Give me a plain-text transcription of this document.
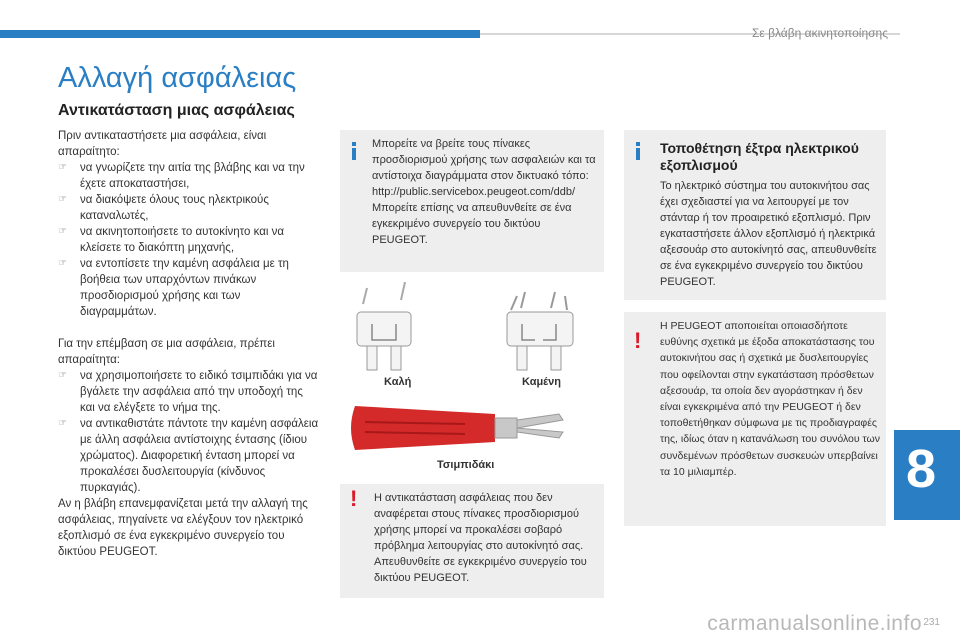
Σε βλάβη ακινητοποίησης
8
Αλλαγή ασφάλειας
Αντικατάσταση μιας ασφάλειας

Πριν αντικαταστήσετε μια ασφάλεια, είναι απαραίτητο:

☞ να γνωρίζετε την αιτία της βλάβης και να την έχετε αποκαταστήσει,
☞ να διακόψετε όλους τους ηλεκτρικούς καταναλωτές,
☞ να ακινητοποιήσετε το αυτοκίνητο και να κλείσετε το διακόπτη μηχανής,
☞ να εντοπίσετε την καμένη ασφάλεια με τη βοήθεια των υπαρχόντων πινάκων προσδιορισμού χρήσης και των διαγραμμάτων.

Για την επέμβαση σε μια ασφάλεια, πρέπει απαραίτητα:

☞ να χρησιμοποιήσετε το ειδικό τσιμπιδάκι για να βγάλετε την ασφάλεια από την υποδοχή της και να ελέγξετε το νήμα της.
☞ να αντικαθιστάτε πάντοτε την καμένη ασφάλεια με άλλη ασφάλεια αντίστοιχης έντασης (ίδιου χρώματος). Διαφορετική ένταση μπορεί να προκαλέσει δυσλειτουργία (κίνδυνος πυρκαγιάς).

Αν η βλάβη επανεμφανίζεται μετά την αλλαγή της ασφάλειας, πηγαίνετε να ελέγξουν τον ηλεκτρικό εξοπλισμό σε ένα εγκεκριμένο συνεργείο του δικτύου PEUGEOT.

Μπορείτε να βρείτε τους πίνακες προσδιορισμού χρήσης των ασφαλειών και τα αντίστοιχα διαγράμματα στον δικτυακό τόπο: http://public.servicebox.peugeot.com/ddb/ Μπορείτε επίσης να απευθυνθείτε σε ένα εγκεκριμένο συνεργείο του δικτύου PEUGEOT.

Καλή	Καμένη
Τσιμπιδάκι
! Η αντικατάσταση ασφάλειας που δεν αναφέρεται στους πίνακες προσδιορισμού χρήσης μπορεί να προκαλέσει σοβαρό πρόβλημα λειτουργίας στο αυτοκίνητό σας. Απευθυνθείτε σε εγκεκριμένο συνεργείο του δικτύου PEUGEOT.

Τοποθέτηση έξτρα ηλεκτρικού εξοπλισμού

Το ηλεκτρικό σύστημα του αυτοκινήτου σας έχει σχεδιαστεί για να λειτουργεί με τον στάνταρ ή τον προαιρετικό εξοπλισμό. Πριν εγκαταστήσετε άλλον εξοπλισμό ή ηλεκτρικά αξεσουάρ στο αυτοκίνητό σας, απευθυνθείτε σε ένα εγκεκριμένο συνεργείο του δικτύου PEUGEOT.

!

Η PEUGEOT αποποιείται οποιασδήποτε ευθύνης σχετικά με έξοδα αποκατάστασης του αυτοκινήτου σας ή σχετικά με δυσλειτουργίες που οφείλονται στην εγκατάσταση πρόσθετων αξεσουάρ, τα οποία δεν αγοράστηκαν ή δεν είναι εγκεκριμένα από την PEUGEOT ή δεν τοποθετήθηκαν σύμφωνα με τις προδιαγραφές της, ιδίως όταν η κατανάλωση του συνόλου των συνδεμένων πρόσθετων συσκευών υπερβαίνει τα 10 μιλιαμπέρ.

231
carmanualsonline.info
